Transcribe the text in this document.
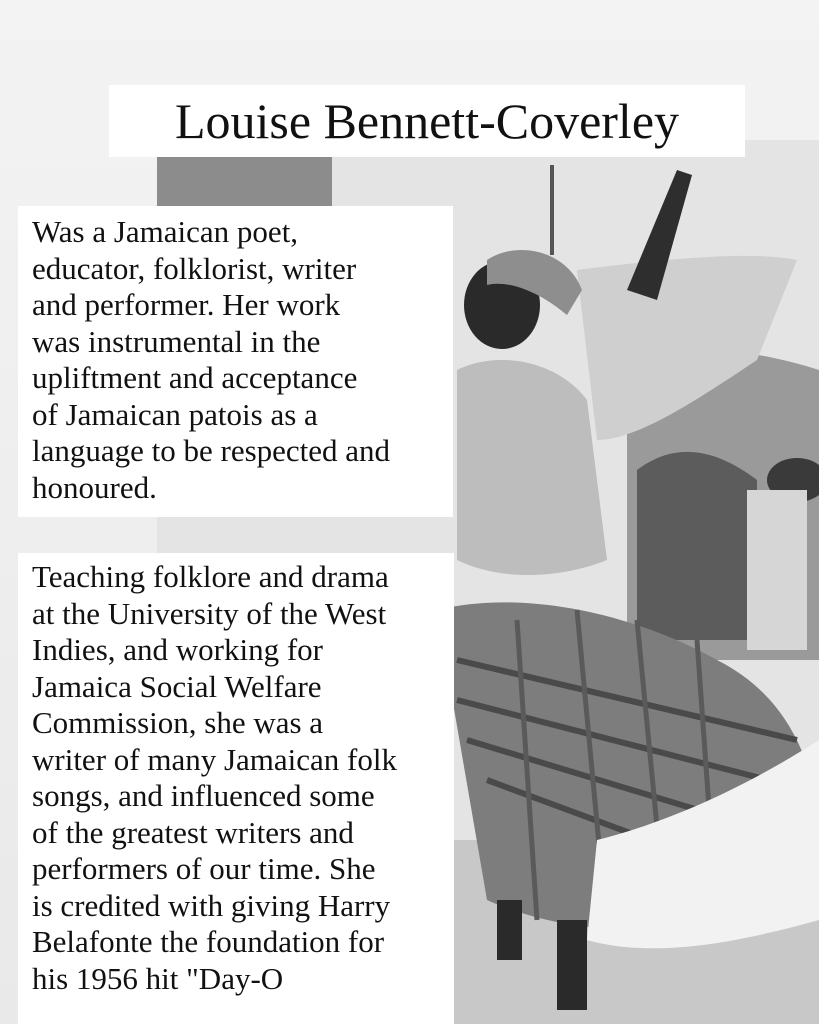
Louise Bennett-Coverley
Was a Jamaican poet,
educator, folklorist, writer
and performer. Her work
was instrumental in the
upliftment and acceptance
of Jamaican patois as a
language to be respected and
honoured.
Teaching folklore and drama
at the University of the West
Indies, and working for
Jamaica Social Welfare
Commission, she was a
writer of many Jamaican folk
songs, and influenced some
of the greatest writers and
performers of our time. She
is credited with giving Harry
Belafonte the foundation for
his 1956 hit "Day-O
